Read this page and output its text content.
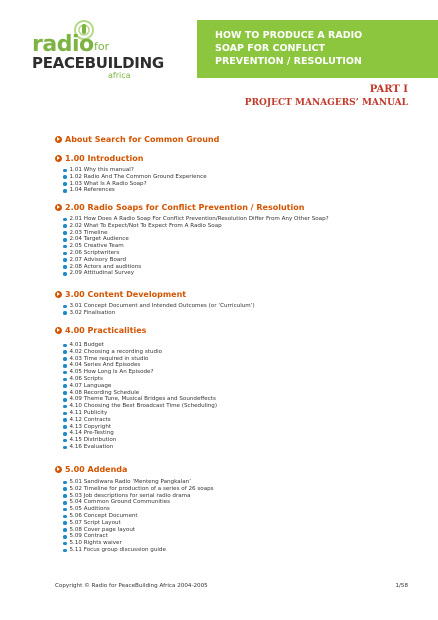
radio for
PEACEBUILDING
africa
HOW TO PRODUCE A RADIO
SOAP FOR CONFLICT
PREVENTION / RESOLUTION
PART I
PROJECT MANAGERS’ MANUAL
About Search for Common Ground
1.00 Introduction
1.01 Why this manual?
1.02 Radio And The Common Ground Experience
1.03 What Is A Radio Soap?
1.04 References
2.00 Radio Soaps for Conflict Prevention / Resolution
2.01 How Does A Radio Soap For Conflict Prevention/Resolution Differ From Any Other Soap?
2.02 What To Expect/Not To Expect From A Radio Soap
2.03 Timeline
2.04 Target Audience
2.05 Creative Team
2.06 Scriptwriters
2.07 Advisory Board
2.08 Actors and auditions
2.09 Attitudinal Survey
3.00 Content Development
3.01 Concept Document and Intended Outcomes (or ‘Curriculum’)
3.02 Finalisation
4.00 Practicalities
4.01 Budget
4.02 Choosing a recording studio
4.03 Time required in studio
4.04 Series And Episodes
4.05 How Long Is An Episode?
4.06 Scripts
4.07 Language
4.08 Recording Schedule
4.09 Theme Tune, Musical Bridges and Soundeffects
4.10 Choosing the Best Broadcast Time (Scheduling)
4.11 Publicity
4.12 Contracts
4.13 Copyright
4.14 Pre-Testing
4.15 Distribution
4.16 Evaluation
5.00 Addenda
5.01 Sandiwara Radio ‘Menteng Pangkalan’
5.02 Timeline for production of a series of 26 soaps
5.03 Job descriptions for serial radio drama
5.04 Common Ground Communities
5.05 Auditions
5.06 Concept Document
5.07 Script Layout
5.08 Cover page layout
5.09 Contract
5.10 Rights waiver
5.11 Focus group discussion guide
Copyright © Radio for PeaceBuilding Africa 2004-2005	1/58
